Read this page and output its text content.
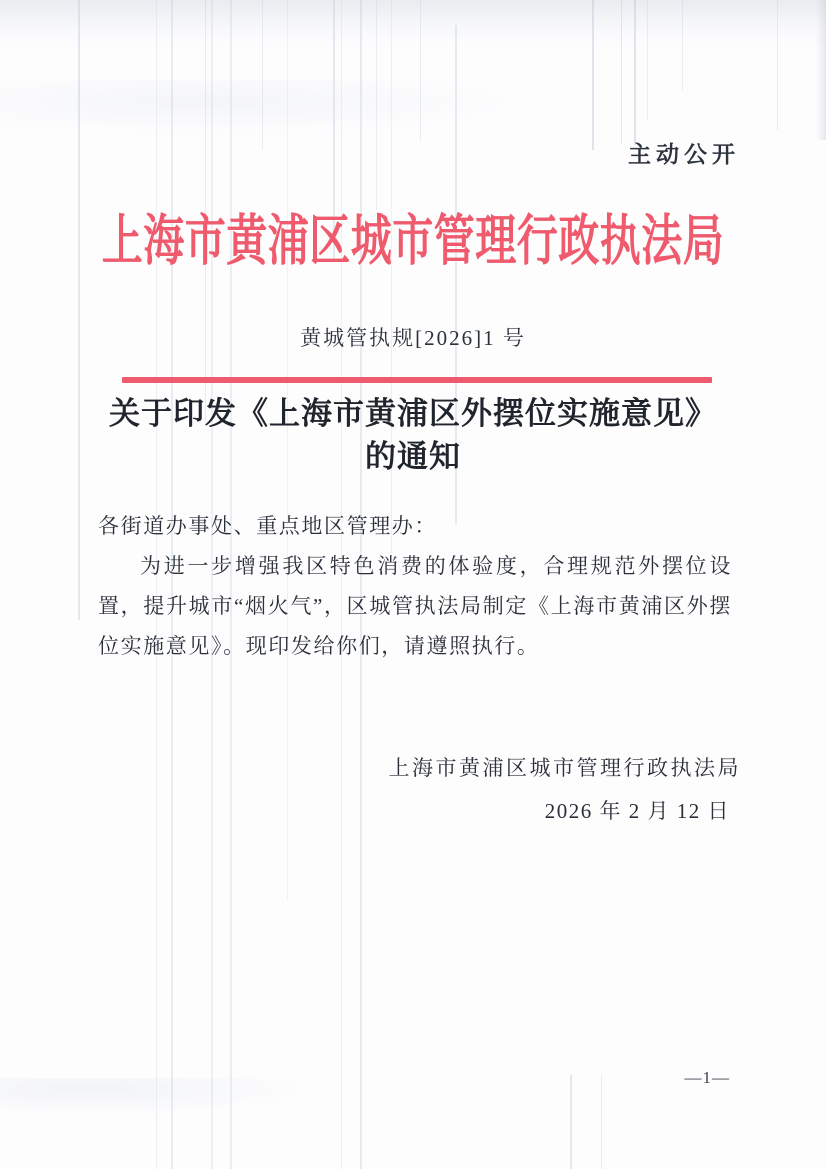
主动公开
上海市黄浦区城市管理行政执法局
黄城管执规[2026]1 号
关于印发《上海市黄浦区外摆位实施意见》
的通知
各街道办事处、重点地区管理办：
为进一步增强我区特色消费的体验度，合理规范外摆位设置，提升城市“烟火气”，区城管执法局制定《上海市黄浦区外摆位实施意见》。现印发给你们，请遵照执行。
上海市黄浦区城市管理行政执法局
2026 年 2 月 12 日
—1—
